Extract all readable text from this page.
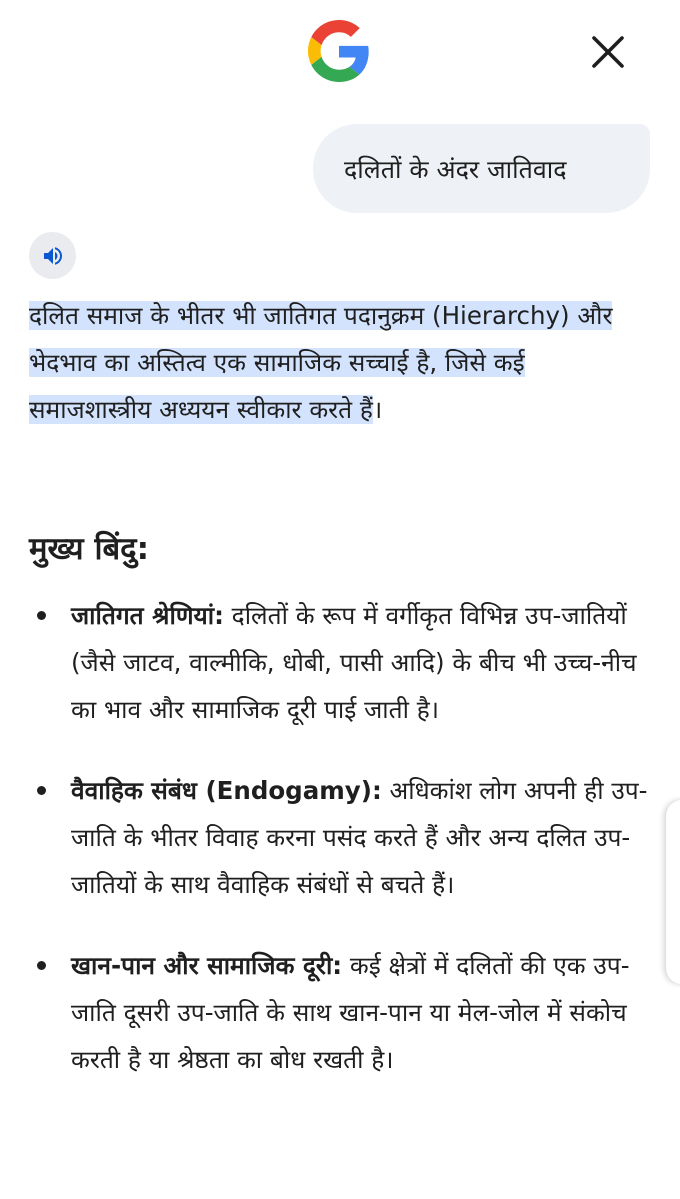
दलितों के अंदर जातिवाद
दलित समाज के भीतर भी जातिगत पदानुक्रम (Hierarchy) और भेदभाव का अस्तित्व एक सामाजिक सच्चाई है, जिसे कई समाजशास्त्रीय अध्ययन स्वीकार करते हैं।
मुख्य बिंदु:
जातिगत श्रेणियां: दलितों के रूप में वर्गीकृत विभिन्न उप-जातियों (जैसे जाटव, वाल्मीकि, धोबी, पासी आदि) के बीच भी उच्च-नीच का भाव और सामाजिक दूरी पाई जाती है।
वैवाहिक संबंध (Endogamy): अधिकांश लोग अपनी ही उप-जाति के भीतर विवाह करना पसंद करते हैं और अन्य दलित उप-जातियों के साथ वैवाहिक संबंधों से बचते हैं।
खान-पान और सामाजिक दूरी: कई क्षेत्रों में दलितों की एक उप-जाति दूसरी उप-जाति के साथ खान-पान या मेल-जोल में संकोच करती है या श्रेष्ठता का बोध रखती है।
